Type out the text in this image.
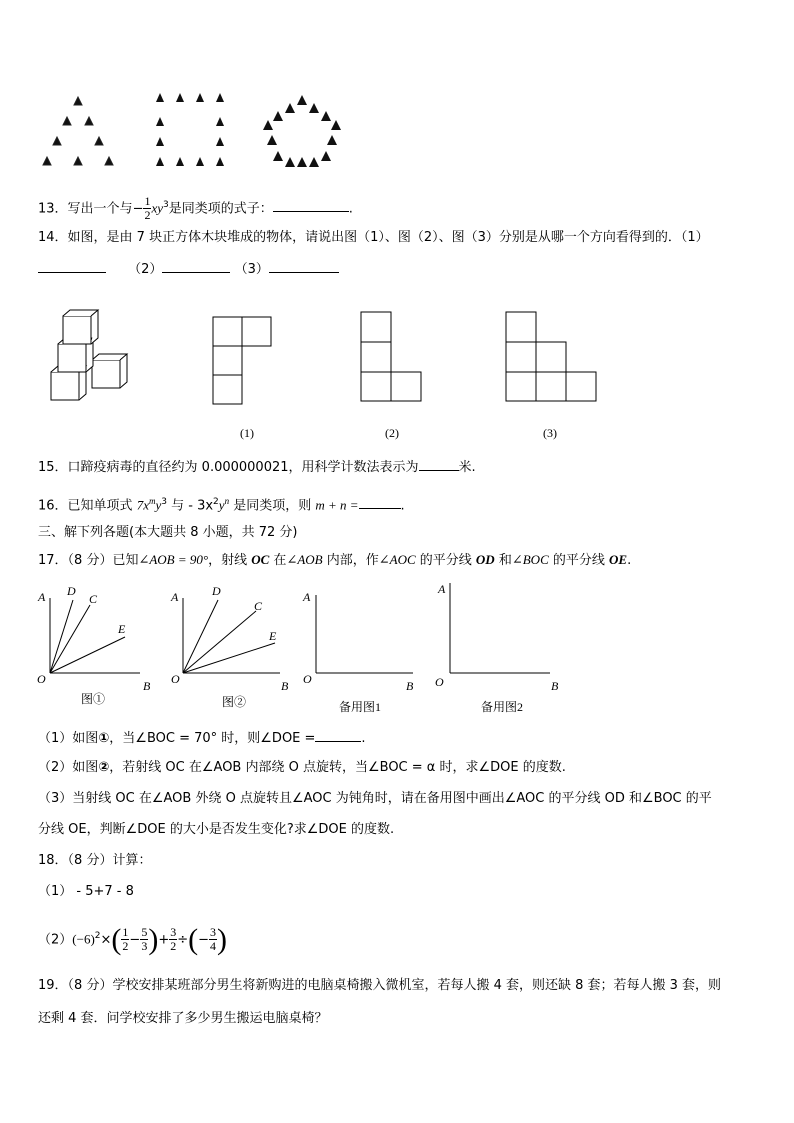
13．写出一个与− $\frac{1}{2} xy^3$是同类项的式子：	.
14．如图，是由 7 块正方体木块堆成的物体，请说出图（1）、图（2）、图（3）分别是从哪一个方向看得到的．（1）
（2）	（3）
(1)	(2)	(3)
15．口蹄疫病毒的直径约为 0.000000021，用科学计数法表示为	米.
16．已知单项式 $7x^my^3$ 与 - $3x^2y^n$ 是同类项，则 m + n =	.
三、解下列各题(本大题共 8 小题，共 72 分)
17．（8 分）已知∠AOB = 90°，射线 OC 在∠AOB 内部，作∠AOC 的平分线 OD 和∠BOC 的平分线 OE.
A D
C
E
O	B
图①
A	D
C
E
O	B
图②
A
O	B
备用图1
A
O	B
备用图2
（1）如图①，当∠BOC = 70° 时，则∠DOE =	.
（2）如图②，若射线 OC 在∠AOB 内部绕 O 点旋转，当∠BOC = α 时，求∠DOE 的度数.
（3）当射线 OC 在∠AOB 外绕 O 点旋转且∠AOC 为钝角时，请在备用图中画出∠AOC 的平分线 OD 和∠BOC 的平
分线 OE，判断∠DOE 的大小是否发生变化?求∠DOE 的度数.
18．（8 分）计算：
（1） - 5+7 - 8
$(2)(-6)^2\times( \frac{1}{2} - \frac{5}{3}$ )+ $\frac{3}{2}$ ÷(− $\frac{3}{4}$ )
19．（8 分）学校安排某班部分男生将新购进的电脑桌椅搬入微机室，若每人搬 4 套，则还缺 8 套；若每人搬 3 套，则
还剩 4 套．问学校安排了多少男生搬运电脑桌椅？
